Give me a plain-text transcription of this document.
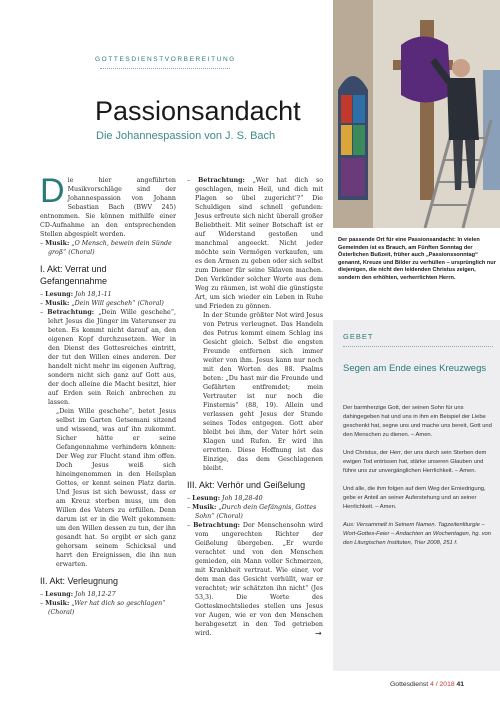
GOTTESDIENSTVORBEREITUNG
Passionsandacht
Die Johannespassion von J. S. Bach

Die hier angeführten Musikvorschläge sind der Johannespassion von Johann Sebastian Bach (BWV 245) entnommen. Sie können mithilfe einer CD-Aufnahme an den entsprechenden Stellen abgespielt werden.

– Musik: „O Mensch, bewein dein Sünde groß“ (Choral)
I. Akt: Verrat und Gefangennahme
– Lesung: Joh 18,1-11
– Musik: „Dein Will gescheh“ (Choral)

– Betrachtung: „Dein Wille geschehe“, lehrt Jesus die Jünger im Vaterunser zu beten. Es kommt nicht darauf an, den eigenen Kopf durchzusetzen. Wer in den Dienst des Gottesreiches eintritt, der tut den Willen eines anderen. Der handelt nicht mehr im eigenen Auftrag, sondern nicht sich ganz auf Gott aus, der doch alleine die Macht besitzt, hier auf Erden sein Reich anbrechen zu lassen.

„Dein Wille geschehe“, betet Jesus selbst im Garten Getsemani sitzend und wissend, was auf ihn zukommt. Sicher hätte er seine Gefangennahme verhindern können: Der Weg zur Flucht stand ihm offen. Doch Jesus weiß sich hineingenommen in den Heilsplan Gottes, er kennt seinen Platz darin. Und Jesus ist sich bewusst, dass er am Kreuz sterben muss, um den Willen des Vaters zu erfüllen. Denn darum ist er in die Welt gekommen: um den Willen dessen zu tun, der ihn gesandt hat. So ergibt er sich ganz gehorsam seinem Schicksal und harrt den Ereignissen, die ihn nun erwarten.

II. Akt: Verleugnung
– Lesung: Joh 18,12-27
– Musik: „Wer hat dich so geschlagen“ (Choral)

– Betrachtung: „Wer hat dich so geschlagen, mein Heil, und dich mit Plagen so übel zugericht’?“ Die Schuldigen sind schnell gefunden: Jesus erfreute sich nicht überall großer Beliebtheit. Mit seiner Botschaft ist er auf Widerstand gestoßen und manchmal angeeckt. Nicht jeder möchte sein Vermögen verkaufen, um es den Armen zu geben oder sich selbst zum Diener für seine Sklaven machen. Den Verkünder solcher Worte aus dem Weg zu räumen, ist wohl die günstigste Art, um sich wieder ein Leben in Ruhe und Frieden zu gönnen.

In der Stunde größter Not wird Jesus von Petrus verleugnet. Das Handeln des Petrus kommt einem Schlag ins Gesicht gleich. Selbst die engsten Freunde entfernen sich immer weiter von ihm. Jesus kann nur noch mit den Worten des 88. Psalms beten: „Du hast mir die Freunde und Gefährten entfremdet; mein Vertrauter ist nur noch die Finsternis“ (88, 19). Allein und verlassen geht Jesus der Stunde seines Todes entgegen. Gott aber bleibt bei ihm, der Vater hört sein Klagen und Rufen. Er wird ihn erretten. Diese Hoffnung ist das Einzige, das dem Geschlagenen bleibt.

III. Akt: Verhör und Geißelung
– Lesung: Joh 18,28-40
– Musik: „Durch dein Gefängnis, Gottes Sohn“ (Choral)

– Betrachtung: Der Menschensohn wird vom ungerechten Richter der Geißelung übergeben. „Er wurde verachtet und von den Menschen gemieden, ein Mann voller Schmerzen, mit Krankheit vertraut. Wie einer, vor dem man das Gesicht verhüllt, war er verachtet; wir schätzten ihn nicht“ (Jes 53,3). Die Worte des Gottesknechtsliedes stellen uns Jesus vor Augen, wie er von den Menschen herabgesetzt in den Tod getrieben wird.	→

Der passende Ort für eine Passionsandacht: In vielen Gemeinden ist es Brauch, am Fünften Sonntag der Österlichen Bußzeit, früher auch „Passionssonntag“ genannt, Kreuze und Bilder zu verhüllen – ursprünglich nur diejenigen, die nicht den leidenden Christus zeigen, sondern den erhöhten, verherrlichten Herrn.
GEBET
Segen am Ende eines Kreuzwegs

Der barmherzige Gott, der seinen Sohn für uns dahingegeben hat und uns in ihm ein Beispiel der Liebe geschenkt hat, segne uns und mache uns bereit, Gott und den Menschen zu dienen. – Amen.

Und Christus, der Herr, der uns durch sein Sterben dem ewigen Tod entrissen hat, stärke unseren Glauben und führe uns zur unvergänglichen Herrlichkeit. – Amen.

Und alle, die ihm folgen auf dem Weg der Erniedrigung, gebe er Anteil an seiner Auferstehung und an seiner Herrlichkeit. – Amen.

Aus: Versammelt in Seinem Namen. Tagzeitenliturgie – Wort-Gottes-Feier – Andachten an Wochentagen, hg. von den Liturgischen Instituten, Trier 2008, 251 f.

Gottesdienst 4 / 2018 41
